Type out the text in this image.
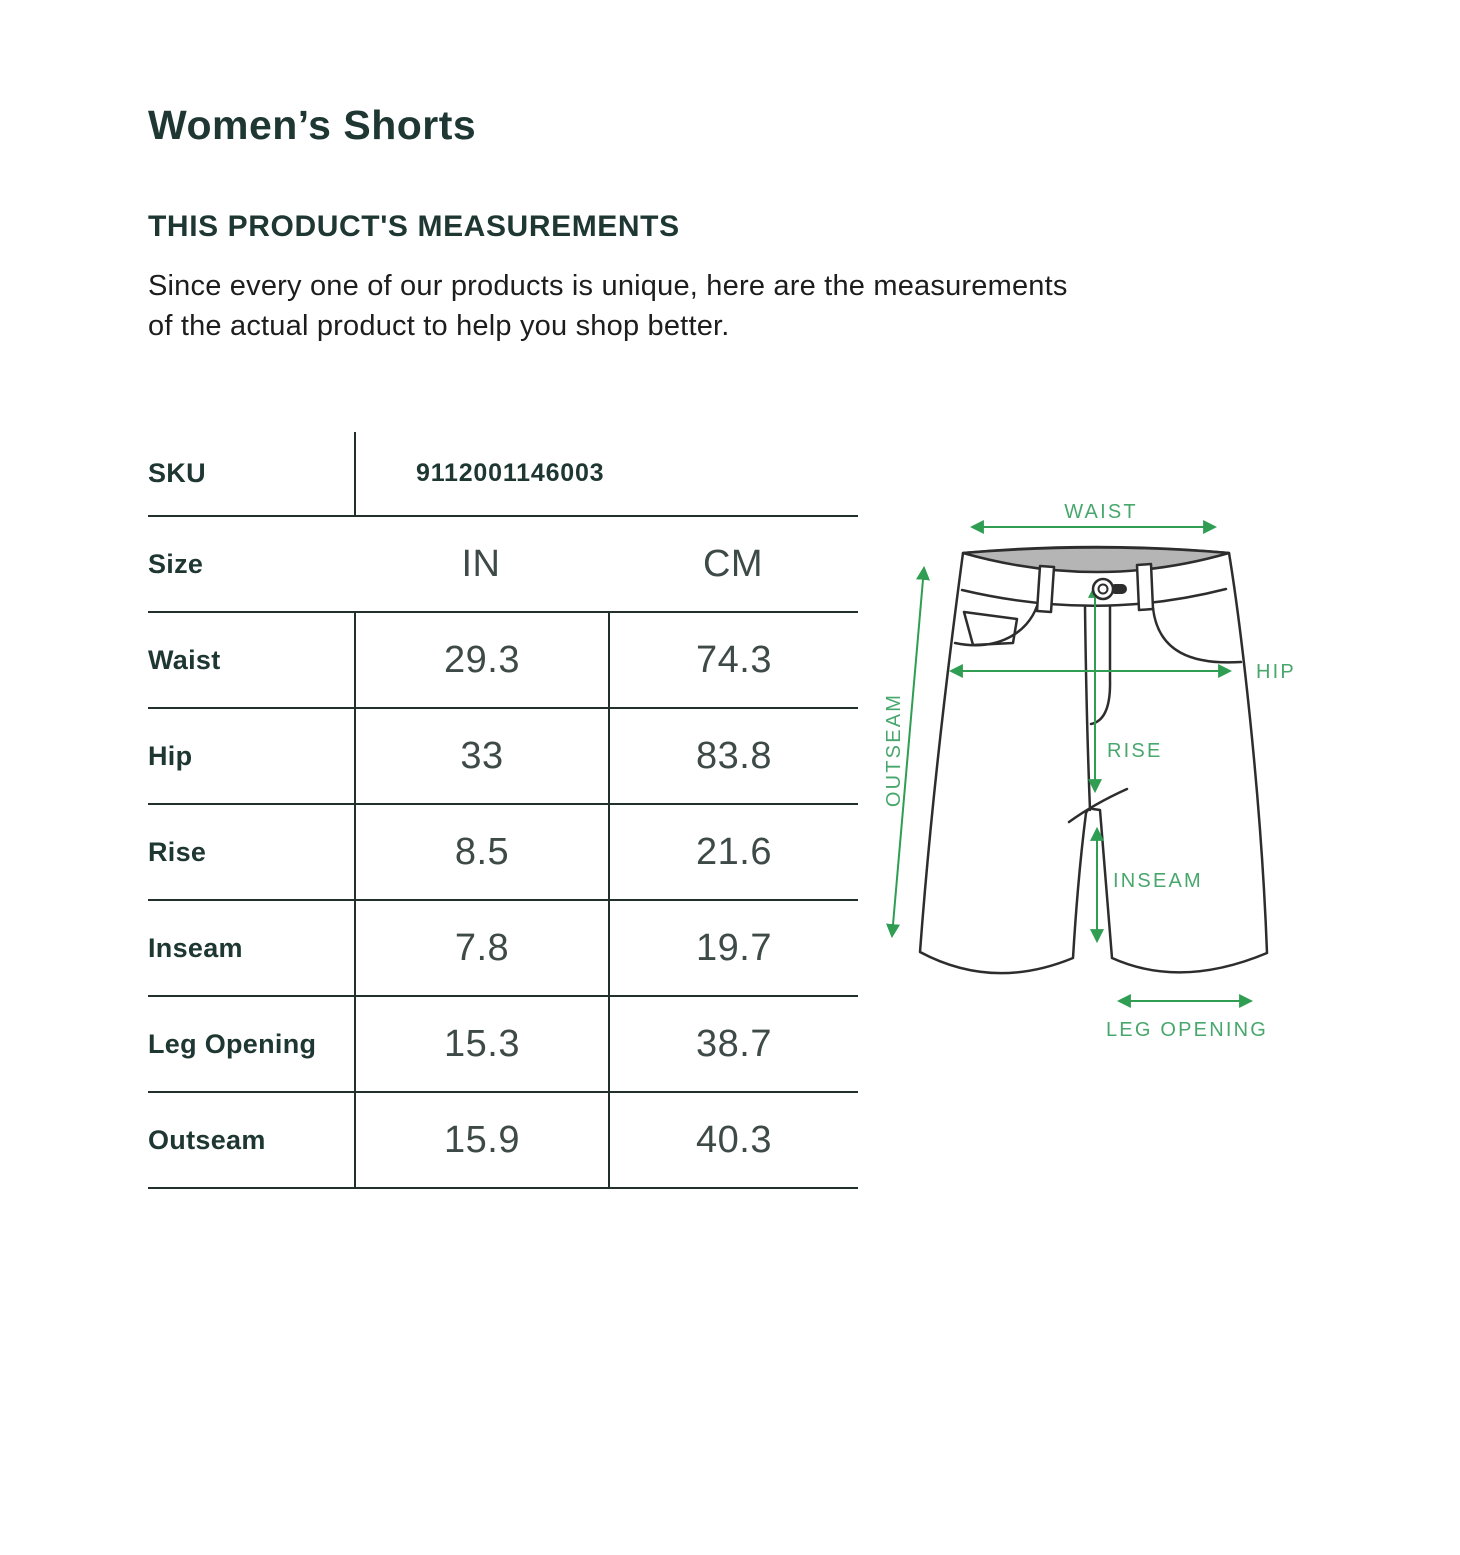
Women’s Shorts
THIS PRODUCT'S MEASUREMENTS
Since every one of our products is unique, here are the measurements
of the actual product to help you shop better.
SKU	9112001146003
Size	IN	CM
Waist	29.3	74.3
Hip	33	83.8
Rise	8.5	21.6
Inseam	7.8	19.7
Leg Opening	15.3	38.7
Outseam	15.9	40.3
WAIST
HIP
RISE
INSEAM
OUTSEAM
LEG OPENING
